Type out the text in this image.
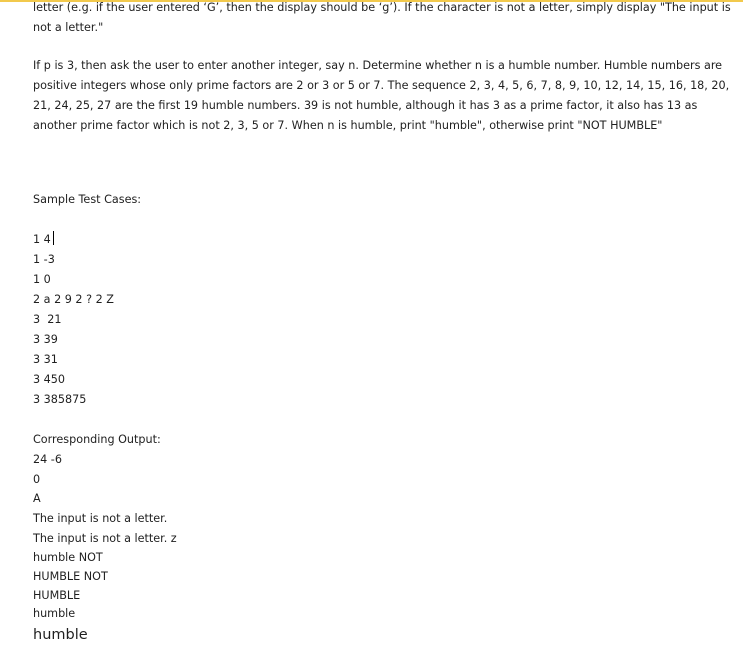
letter (e.g. if the user entered ‘G’, then the display should be ‘g’). If the character is not a letter, simply display "The input is not a letter."

If p is 3, then ask the user to enter another integer, say n. Determine whether n is a humble number. Humble numbers are positive integers whose only prime factors are 2 or 3 or 5 or 7. The sequence 2, 3, 4, 5, 6, 7, 8, 9, 10, 12, 14, 15, 16, 18, 20, 21, 24, 25, 27 are the first 19 humble numbers. 39 is not humble, although it has 3 as a prime factor, it also has 13 as another prime factor which is not 2, 3, 5 or 7. When n is humble, print "humble", otherwise print "NOT HUMBLE"

Sample Test Cases:
1 4
1 -3
1 0
2 a 2 9 2 ? 2 Z
3  21
3 39
3 31
3 450
3 385875
Corresponding Output:
24 -6
0
A
The input is not a letter.
The input is not a letter. z
humble NOT
HUMBLE NOT
HUMBLE
humble
humble
